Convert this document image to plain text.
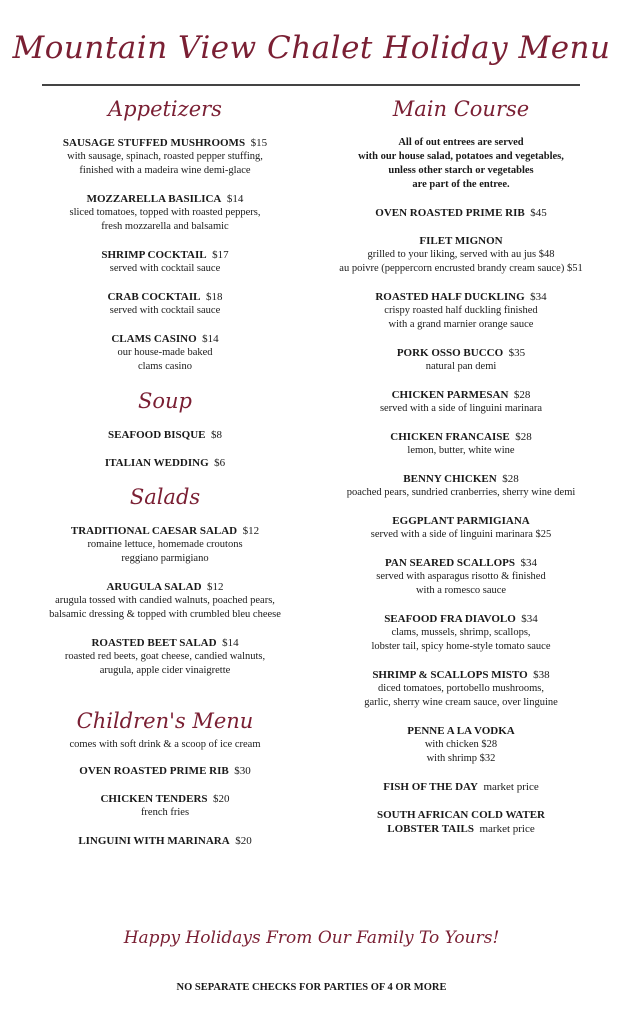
Mountain View Chalet Holiday Menu
Appetizers
SAUSAGE STUFFED MUSHROOMS $15
with sausage, spinach, roasted pepper stuffing,
finished with a madeira wine demi-glace
MOZZARELLA BASILICA $14
sliced tomatoes, topped with roasted peppers,
fresh mozzarella and balsamic
SHRIMP COCKTAIL $17
served with cocktail sauce
CRAB COCKTAIL $18
served with cocktail sauce
CLAMS CASINO $14
our house-made baked
clams casino
Soup
SEAFOOD BISQUE $8
ITALIAN WEDDING $6
Salads
TRADITIONAL CAESAR SALAD $12
romaine lettuce, homemade croutons
reggiano parmigiano
ARUGULA SALAD $12
arugula tossed with candied walnuts, poached pears,
balsamic dressing & topped with crumbled bleu cheese
ROASTED BEET SALAD $14
roasted red beets, goat cheese, candied walnuts,
arugula, apple cider vinaigrette
Children's Menu
comes with soft drink & a scoop of ice cream
OVEN ROASTED PRIME RIB $30
CHICKEN TENDERS $20
french fries
LINGUINI WITH MARINARA $20
Main Course
All of out entrees are served
with our house salad, potatoes and vegetables,
unless other starch or vegetables
are part of the entree.
OVEN ROASTED PRIME RIB $45
FILET MIGNON
grilled to your liking, served with au jus $48
au poivre (peppercorn encrusted brandy cream sauce) $51
ROASTED HALF DUCKLING $34
crispy roasted half duckling finished
with a grand marnier orange sauce
PORK OSSO BUCCO $35
natural pan demi
CHICKEN PARMESAN $28
served with a side of linguini marinara
CHICKEN FRANCAISE $28
lemon, butter, white wine
BENNY CHICKEN $28
poached pears, sundried cranberries, sherry wine demi
EGGPLANT PARMIGIANA
served with a side of linguini marinara $25
PAN SEARED SCALLOPS $34
served with asparagus risotto & finished
with a romesco sauce
SEAFOOD FRA DIAVOLO $34
clams, mussels, shrimp, scallops,
lobster tail, spicy home-style tomato sauce
SHRIMP & SCALLOPS MISTO $38
diced tomatoes, portobello mushrooms,
garlic, sherry wine cream sauce, over linguine
PENNE A LA VODKA
with chicken $28
with shrimp $32
FISH OF THE DAY market price
SOUTH AFRICAN COLD WATER
LOBSTER TAILS market price
Happy Holidays From Our Family To Yours!
NO SEPARATE CHECKS FOR PARTIES OF 4 OR MORE
